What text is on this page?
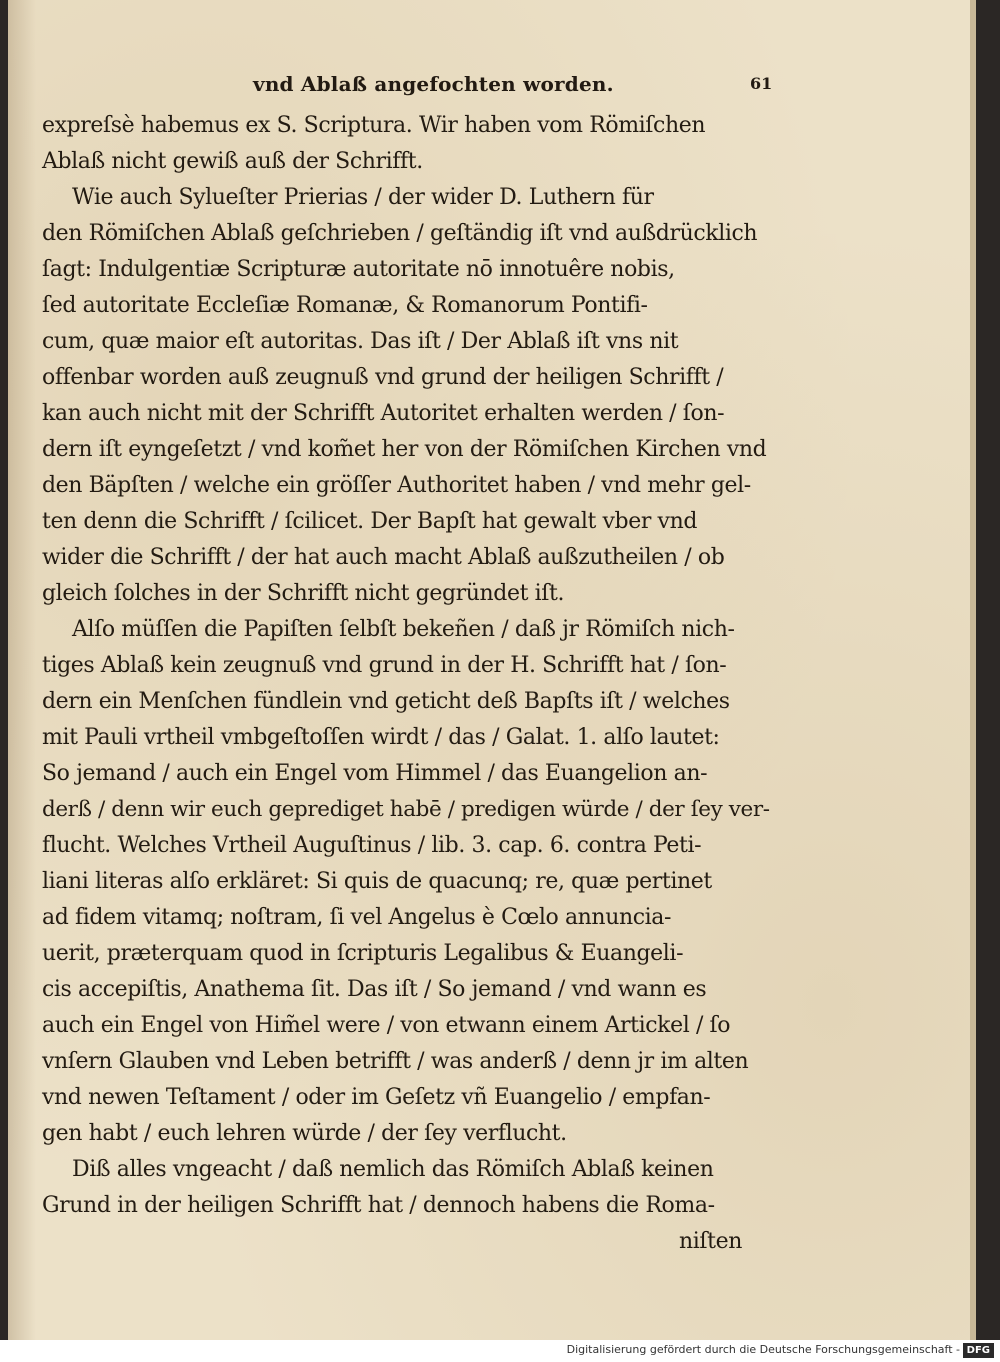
vnd Ablaß angefochten worden.	61
expreſsè habemus ex S. Scriptura. Wir haben vom Römiſchen
Ablaß nicht gewiß auß der Schrifft.
Wie auch Sylueſter Prierias / der wider D. Luthern für
den Römiſchen Ablaß geſchrieben / geſtändig iſt vnd außdrücklich
ſagt: Indulgentiæ Scripturæ autoritate nō innotuêre nobis,
ſed autoritate Eccleſiæ Romanæ, & Romanorum Pontifi-
cum, quæ maior eſt autoritas. Das iſt / Der Ablaß iſt vns nit
offenbar worden auß zeugnuß vnd grund der heiligen Schrifft /
kan auch nicht mit der Schrifft Autoritet erhalten werden / ſon-
dern iſt eyngeſetzt / vnd kom̃et her von der Römiſchen Kirchen vnd
den Bäpſten / welche ein gröſſer Authoritet haben / vnd mehr gel-
ten denn die Schrifft / ſcilicet. Der Bapſt hat gewalt vber vnd
wider die Schrifft / der hat auch macht Ablaß außzutheilen / ob
gleich ſolches in der Schrifft nicht gegründet iſt.
Alſo müſſen die Papiſten ſelbſt bekeñen / daß jr Römiſch nich-
tiges Ablaß kein zeugnuß vnd grund in der H. Schrifft hat / ſon-
dern ein Menſchen fündlein vnd geticht deß Bapſts iſt / welches
mit Pauli vrtheil vmbgeſtoſſen wirdt / das / Galat. 1. alſo lautet:
So jemand / auch ein Engel vom Himmel / das Euangelion an-
derß / denn wir euch geprediget habē / predigen würde / der ſey ver-
flucht. Welches Vrtheil Auguſtinus / lib. 3. cap. 6. contra Peti-
liani literas alſo erkläret: Si quis de quacunq; re, quæ pertinet
ad fidem vitamq; noſtram, ſi vel Angelus è Cœlo annuncia-
uerit, præterquam quod in ſcripturis Legalibus & Euangeli-
cis accepiſtis, Anathema ſit. Das iſt / So jemand / vnd wann es
auch ein Engel von Him̃el were / von etwann einem Artickel / ſo
vnſern Glauben vnd Leben betrifft / was anderß / denn jr im alten
vnd newen Teſtament / oder im Geſetz vñ Euangelio / empfan-
gen habt / euch lehren würde / der ſey verflucht.
Diß alles vngeacht / daß nemlich das Römiſch Ablaß keinen
Grund in der heiligen Schrifft hat / dennoch habens die Roma-
niſten
Digitalisierung gefördert durch die Deutsche Forschungsgemeinschaft - DFG
